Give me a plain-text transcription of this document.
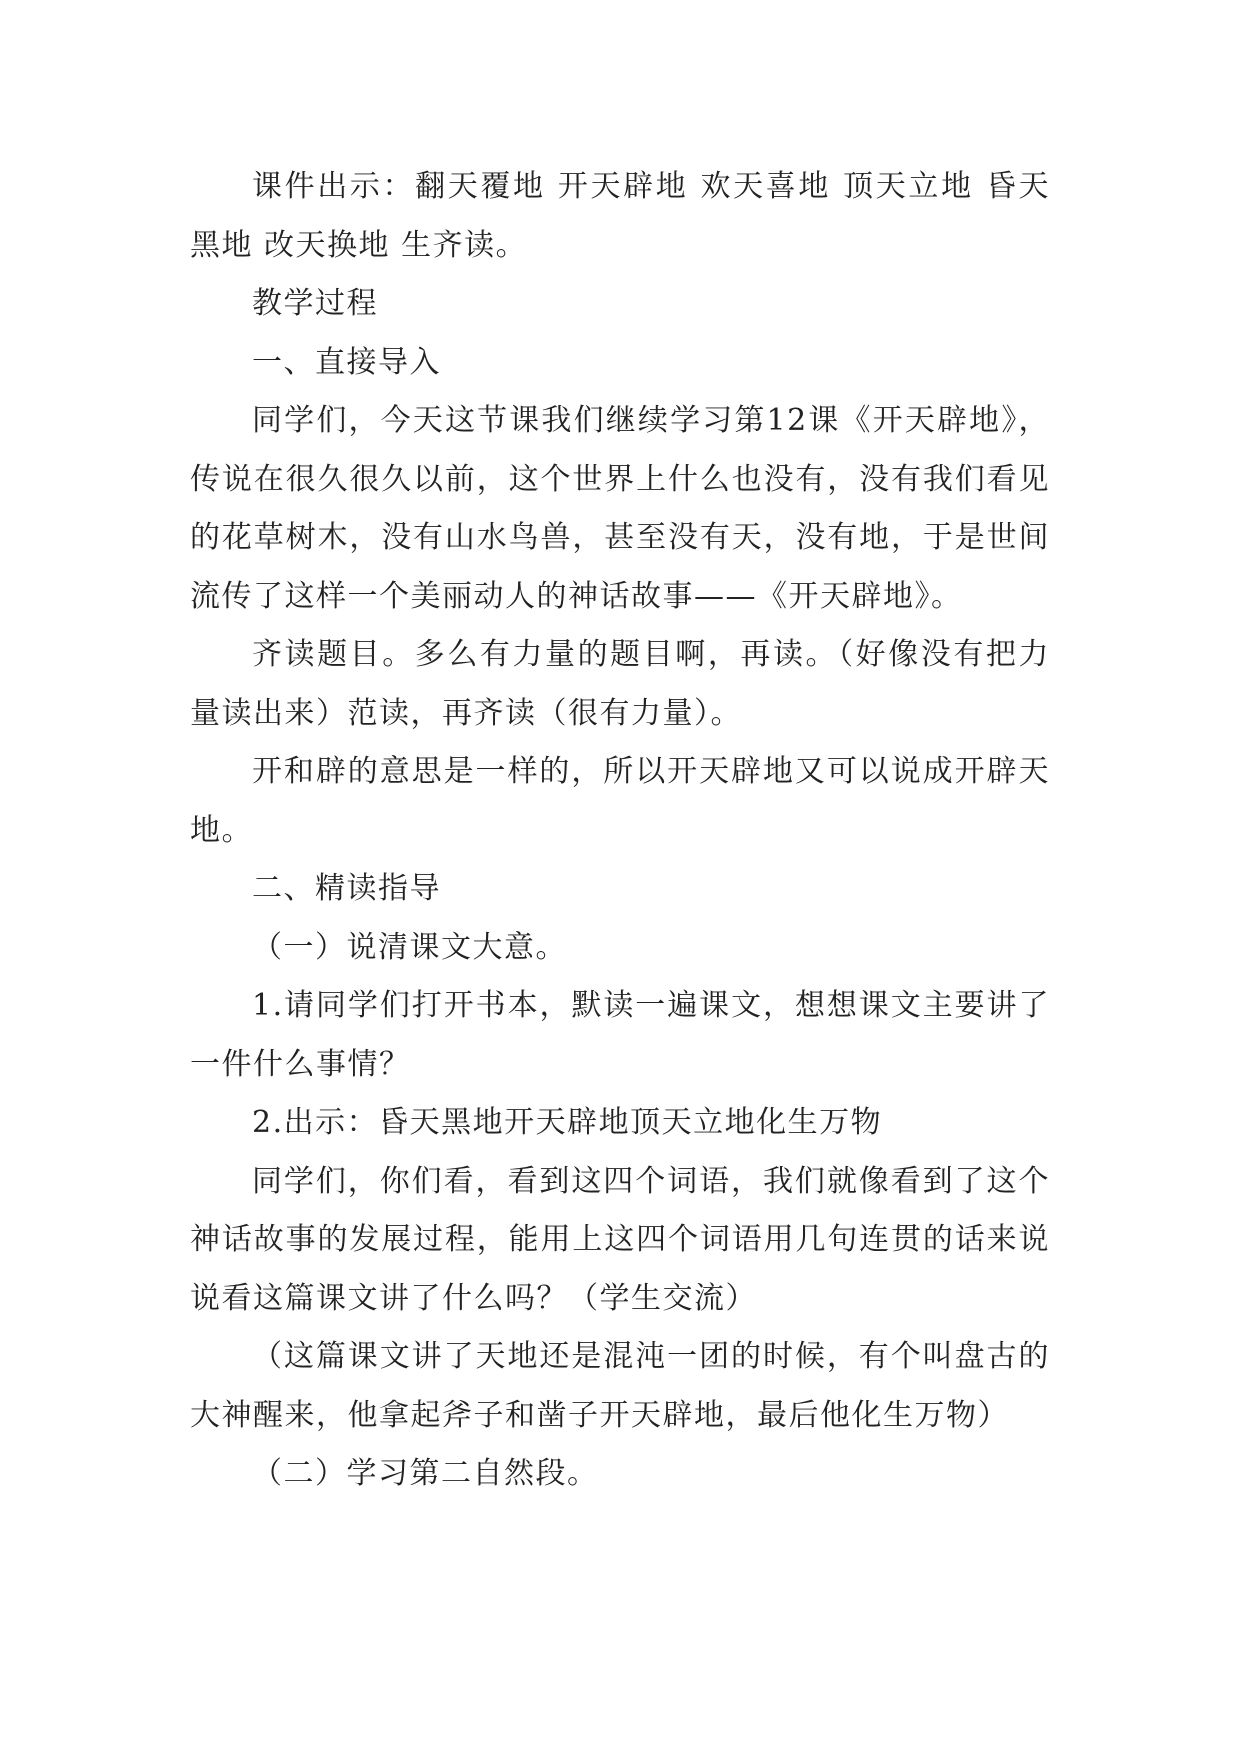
课件出示：翻天覆地 开天辟地 欢天喜地 顶天立地 昏天黑地 改天换地 生齐读。

教学过程

一、直接导入

同学们，今天这节课我们继续学习第12课《开天辟地》，传说在很久很久以前，这个世界上什么也没有，没有我们看见的花草树木，没有山水鸟兽，甚至没有天，没有地，于是世间流传了这样一个美丽动人的神话故事——《开天辟地》。

齐读题目。多么有力量的题目啊，再读。（好像没有把力量读出来）范读，再齐读（很有力量）。

开和辟的意思是一样的，所以开天辟地又可以说成开辟天地。

二、精读指导

（一）说清课文大意。

1.请同学们打开书本，默读一遍课文，想想课文主要讲了一件什么事情？

2.出示：昏天黑地开天辟地顶天立地化生万物

同学们，你们看，看到这四个词语，我们就像看到了这个神话故事的发展过程，能用上这四个词语用几句连贯的话来说说看这篇课文讲了什么吗？（学生交流）

（这篇课文讲了天地还是混沌一团的时候，有个叫盘古的大神醒来，他拿起斧子和凿子开天辟地，最后他化生万物）

（二）学习第二自然段。
